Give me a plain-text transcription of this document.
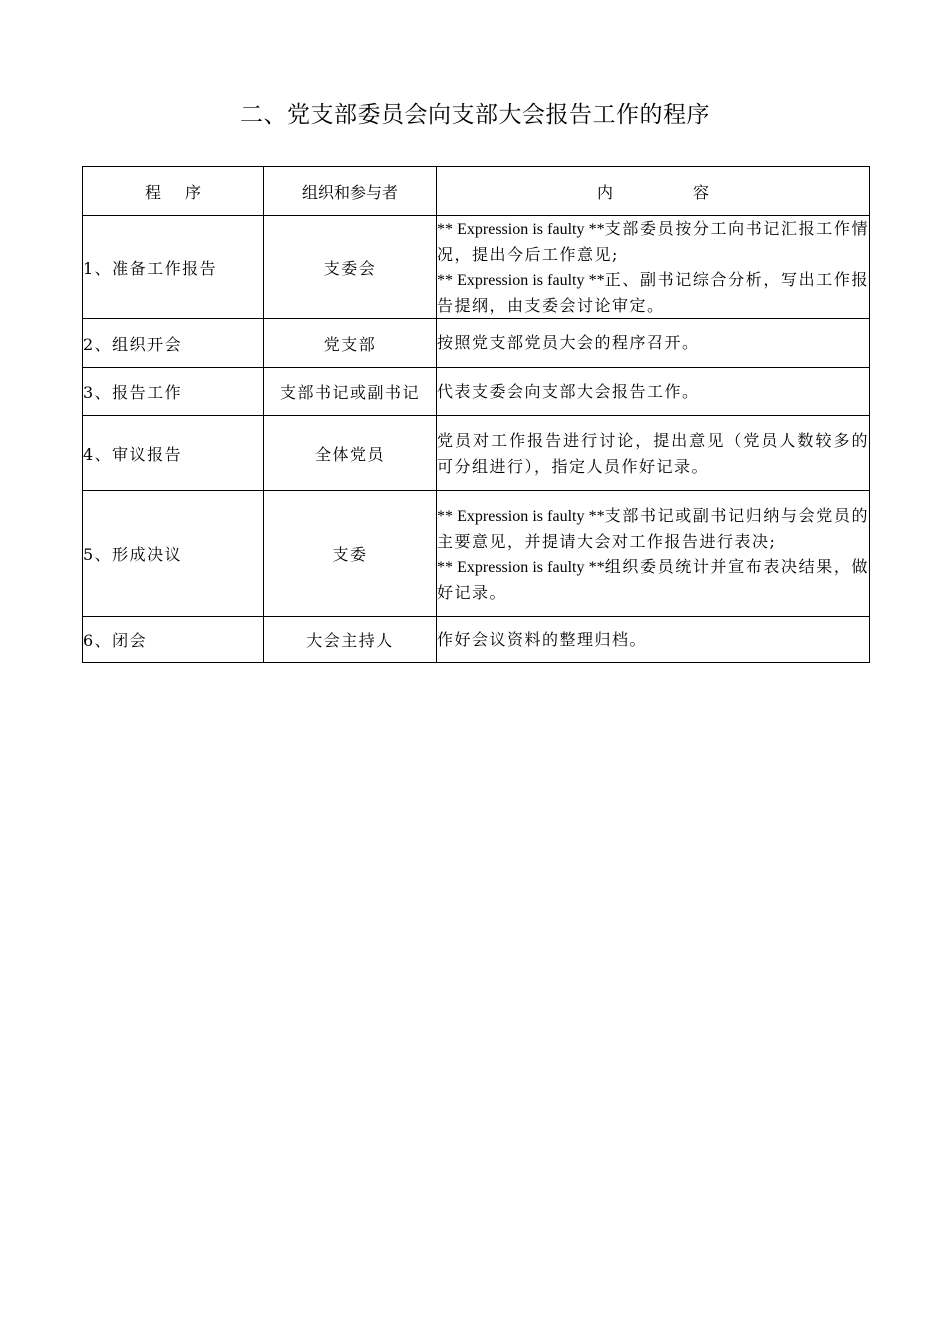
二、党支部委员会向支部大会报告工作的程序
程序	组织和参与者	内容
1、准备工作报告	支委会	** Expression is faulty **支部委员按分工向书记汇报工作情况，提出今后工作意见;
** Expression is faulty **正、副书记综合分析，写出工作报告提纲，由支委会讨论审定。

2、组织开会	党支部	按照党支部党员大会的程序召开。

3、报告工作	支部书记或副书记	代表支委会向支部大会报告工作。

4、审议报告	全体党员	党员对工作报告进行讨论，提出意见（党员人数较多的可分组进行），指定人员作好记录。

5、形成决议	支委	** Expression is faulty **支部书记或副书记归纳与会党员的主要意见，并提请大会对工作报告进行表决;
** Expression is faulty **组织委员统计并宣布表决结果，做好记录。

6、闭会	大会主持人	作好会议资料的整理归档。
